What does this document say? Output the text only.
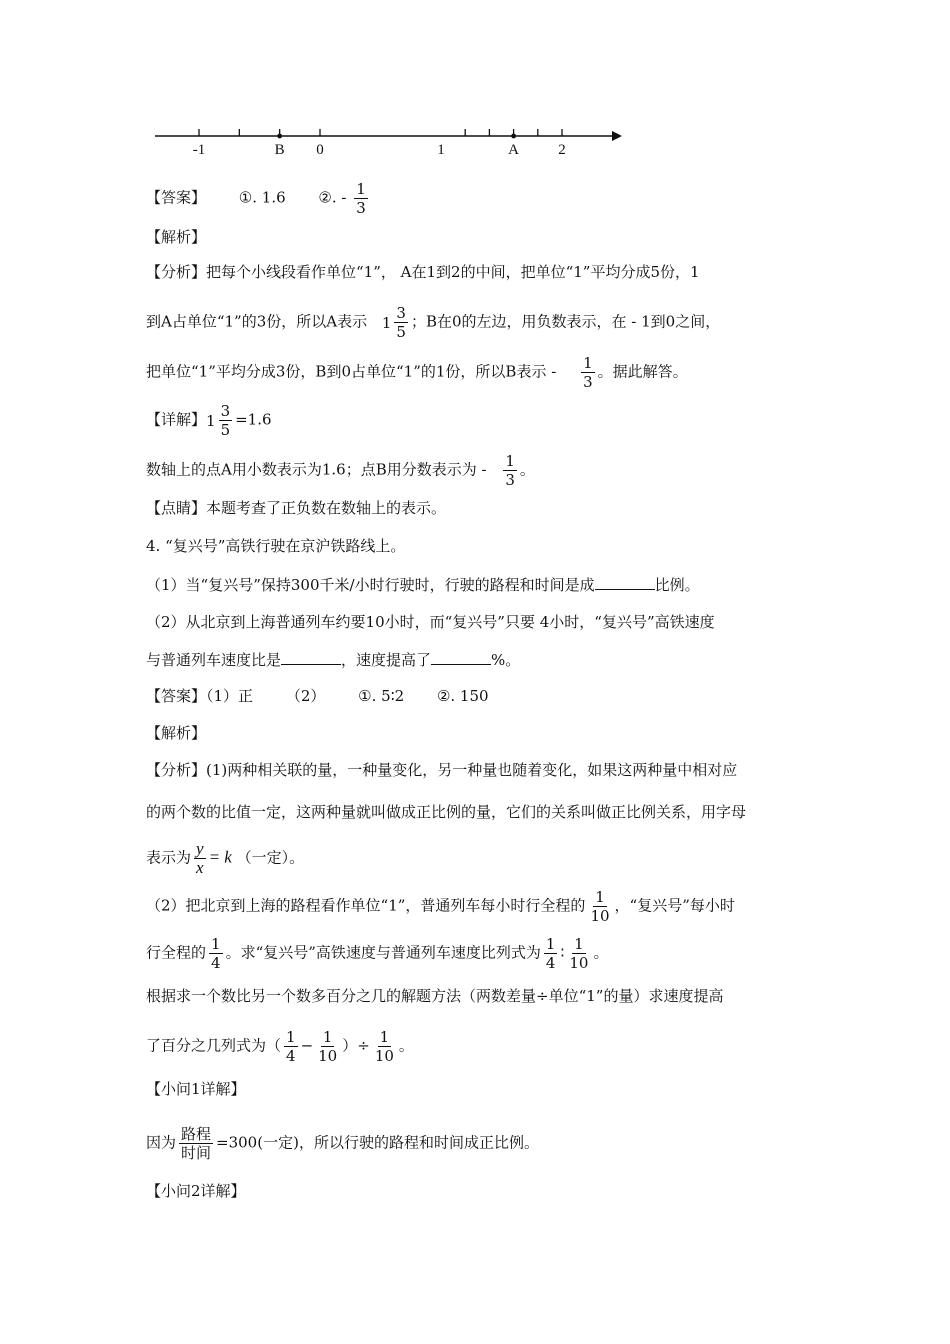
-1	B 0	1	A	2
【答案】 ①. 1.6 ②. - $\frac{1}{3}$
【解析】
【分析】把每个小线段看作单位“1”， A在1到2的中间，把单位“1”平均分成5份，1
到A占单位“1”的3份，所以A表示 $1 \frac{3}{5}$ ；B在0的左边，用负数表示，在 - 1到0之间，
把单位“1”平均分成3份，B到0占单位“1”的1份，所以B表示 - $\frac{1}{3}$ 。据此解答。
【详解】 $1 \frac{3}{5} =1.6$
数轴上的点A用小数表示为1.6；点B用分数表示为 - $\frac{1}{3}$ 。
【点睛】本题考查了正负数在数轴上的表示。
4. “复兴号”高铁行驶在京沪铁路线上。
（1）当“复兴号”保持300千米/小时行驶时，行驶的路程和时间是成	比例。
（2）从北京到上海普通列车约要10小时，而“复兴号”只要 4小时，“复兴号”高铁速度
与普通列车速度比是	，速度提高了	%。
【答案】（1）正 （2） ①. 5∶2 ②. 150
【解析】
【分析】(1)两种相关联的量，一种量变化，另一种量也随着变化，如果这两种量中相对应
的两个数的比值一定，这两种量就叫做成正比例的量，它们的关系叫做正比例关系，用字母
表示为 $\frac{y}{x} = k$ （一定）。
（2）把北京到上海的路程看作单位“1”，普通列车每小时行全程的 $\frac{1}{10}$ ，“复兴号”每小时
行全程的 $\frac{1}{4}$ 。求“复兴号”高铁速度与普通列车速度比列式为 $\frac{1}{4}$ ∶ $\frac{1}{10}$ 。
根据求一个数比另一个数多百分之几的解题方法（两数差量÷单位“1”的量）求速度提高
了百分之几列式为（ $\frac{1}{4} - \frac{1}{10}$ ）÷ $\frac{1}{10}$ 。
【小问1详解】
因为 $\frac{\text{路程}}{\text{时间}} =300$(一定)，所以行驶的路程和时间成正比例。
【小问2详解】
